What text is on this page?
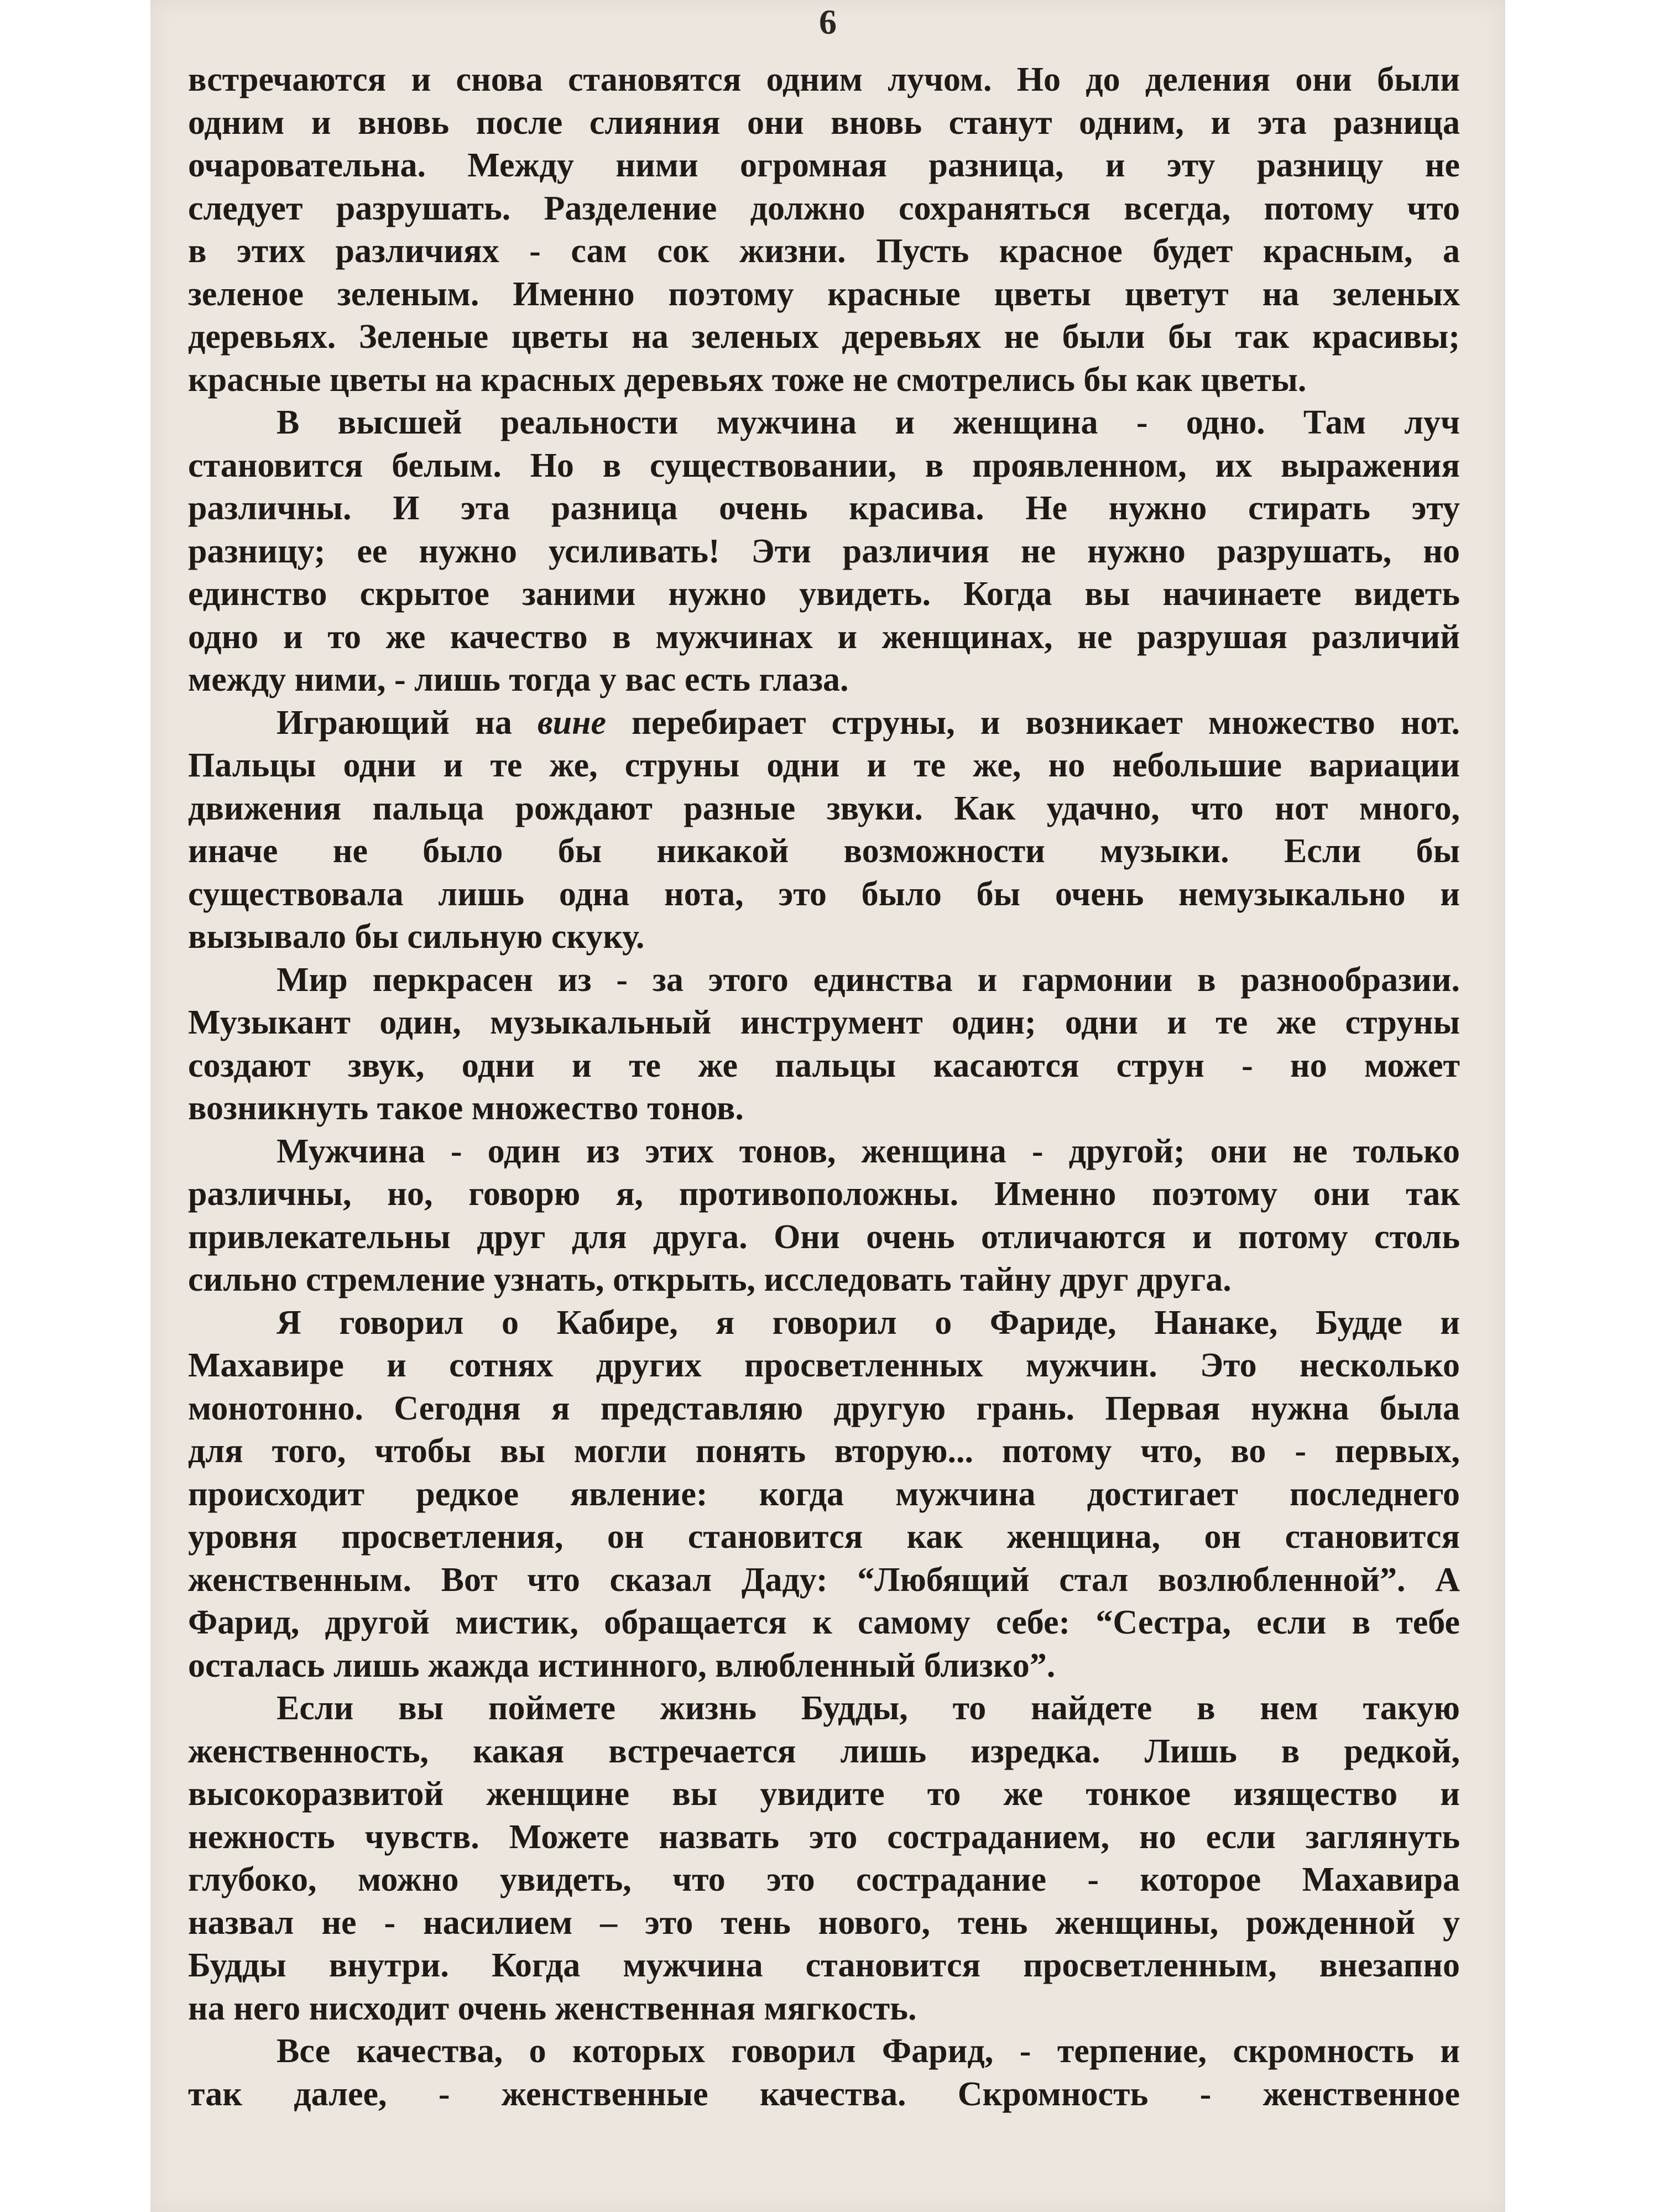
6

встречаются и снова становятся одним лучом. Но до деления они были
одним и вновь после слияния они вновь станут одним, и эта разница
очаровательна. Между ними огромная разница, и эту разницу не
следует разрушать. Разделение должно сохраняться всегда, потому что
в этих различиях - сам сок жизни. Пусть красное будет красным, а
зеленое зеленым. Именно поэтому красные цветы цветут на зеленых
деревьях. Зеленые цветы на зеленых деревьях не были бы так красивы;
красные цветы на красных деревьях тоже не смотрелись бы как цветы.

В высшей реальности мужчина и женщина - одно. Там луч
становится белым. Но в существовании, в проявленном, их выражения
различны. И эта разница очень красива. Не нужно стирать эту
разницу; ее нужно усиливать! Эти различия не нужно разрушать, но
единство скрытое заними нужно увидеть. Когда вы начинаете видеть
одно и то же качество в мужчинах и женщинах, не разрушая различий
между ними, - лишь тогда у вас есть глаза.

Играющий на вине перебирает струны, и возникает множество нот.
Пальцы одни и те же, струны одни и те же, но небольшие вариации
движения пальца рождают разные звуки. Как удачно, что нот много,
иначе не было бы никакой возможности музыки. Если бы
существовала лишь одна нота, это было бы очень немузыкально и
вызывало бы сильную скуку.

Мир перкрасен из - за этого единства и гармонии в разнообразии.
Музыкант один, музыкальный инструмент один; одни и те же струны
создают звук, одни и те же пальцы касаются струн - но может
возникнуть такое множество тонов.

Мужчина - один из этих тонов, женщина - другой; они не только
различны, но, говорю я, противоположны. Именно поэтому они так
привлекательны друг для друга. Они очень отличаются и потому столь
сильно стремление узнать, открыть, исследовать тайну друг друга.

Я говорил о Кабире, я говорил о Фариде, Нанаке, Будде и
Махавире и сотнях других просветленных мужчин. Это несколько
монотонно. Сегодня я представляю другую грань. Первая нужна была
для того, чтобы вы могли понять вторую... потому что, во - первых,
происходит редкое явление: когда мужчина достигает последнего
уровня просветления, он становится как женщина, он становится
женственным. Вот что сказал Даду: “Любящий стал возлюбленной”. А
Фарид, другой мистик, обращается к самому себе: “Сестра, если в тебе
осталась лишь жажда истинного, влюбленный близко”.

Если вы поймете жизнь Будды, то найдете в нем такую
женственность, какая встречается лишь изредка. Лишь в редкой,
высокоразвитой женщине вы увидите то же тонкое изящество и
нежность чувств. Можете назвать это состраданием, но если заглянуть
глубоко, можно увидеть, что это сострадание - которое Махавира
назвал не - насилием – это тень нового, тень женщины, рожденной у
Будды внутри. Когда мужчина становится просветленным, внезапно
на него нисходит очень женственная мягкость.

Все качества, о которых говорил Фарид, - терпение, скромность и
так далее, - женственные качества. Скромность - женственное
